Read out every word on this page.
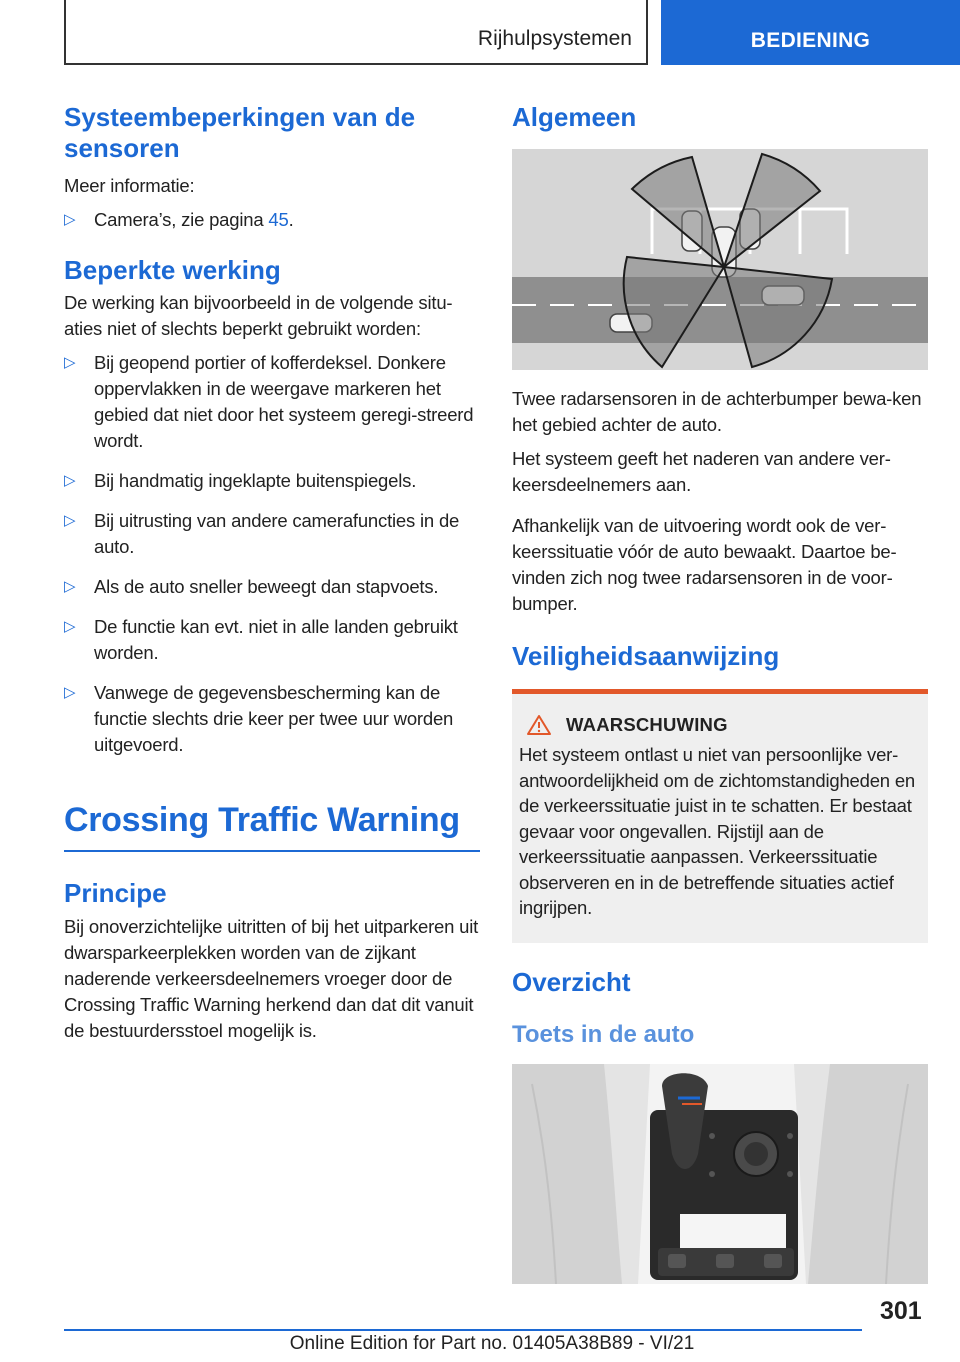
Rijhulpsystemen	BEDIENING
Systeembeperkingen van de sensoren

Meer informatie:

▷ Camera’s, zie pagina 45.
Beperkte werking

De werking kan bijvoorbeeld in de volgende situ-aties niet of slechts beperkt gebruikt worden:

▷ Bij geopend portier of kofferdeksel. Donkere oppervlakken in de weergave markeren het gebied dat niet door het systeem geregi-streerd wordt.
▷ Bij handmatig ingeklapte buitenspiegels.
▷ Bij uitrusting van andere camerafuncties in de auto.
▷ Als de auto sneller beweegt dan stapvoets.
▷ De functie kan evt. niet in alle landen gebruikt worden.
▷ Vanwege de gegevensbescherming kan de functie slechts drie keer per twee uur worden uitgevoerd.
Crossing Traffic Warning
Principe

Bij onoverzichtelijke uitritten of bij het uitparkeren uit dwarsparkeerplekken worden van de zijkant naderende verkeersdeelnemers vroeger door de Crossing Traffic Warning herkend dan dat dit vanuit de bestuurdersstoel mogelijk is.

Algemeen

Twee radarsensoren in de achterbumper bewa-ken het gebied achter de auto.

Het systeem geeft het naderen van andere ver-keersdeelnemers aan.

Afhankelijk van de uitvoering wordt ook de ver-keerssituatie vóór de auto bewaakt. Daartoe be-vinden zich nog twee radarsensoren in de voor-bumper.

Veiligheidsaanwijzing
WAARSCHUWING

Het systeem ontlast u niet van persoonlijke ver-antwoordelijkheid om de zichtomstandigheden en de verkeerssituatie juist in te schatten. Er bestaat gevaar voor ongevallen. Rijstijl aan de verkeerssituatie aanpassen. Verkeerssituatie observeren en in de betreffende situaties actief ingrijpen.

Overzicht
Toets in de auto
301
Online Edition for Part no. 01405A38B89 - VI/21
